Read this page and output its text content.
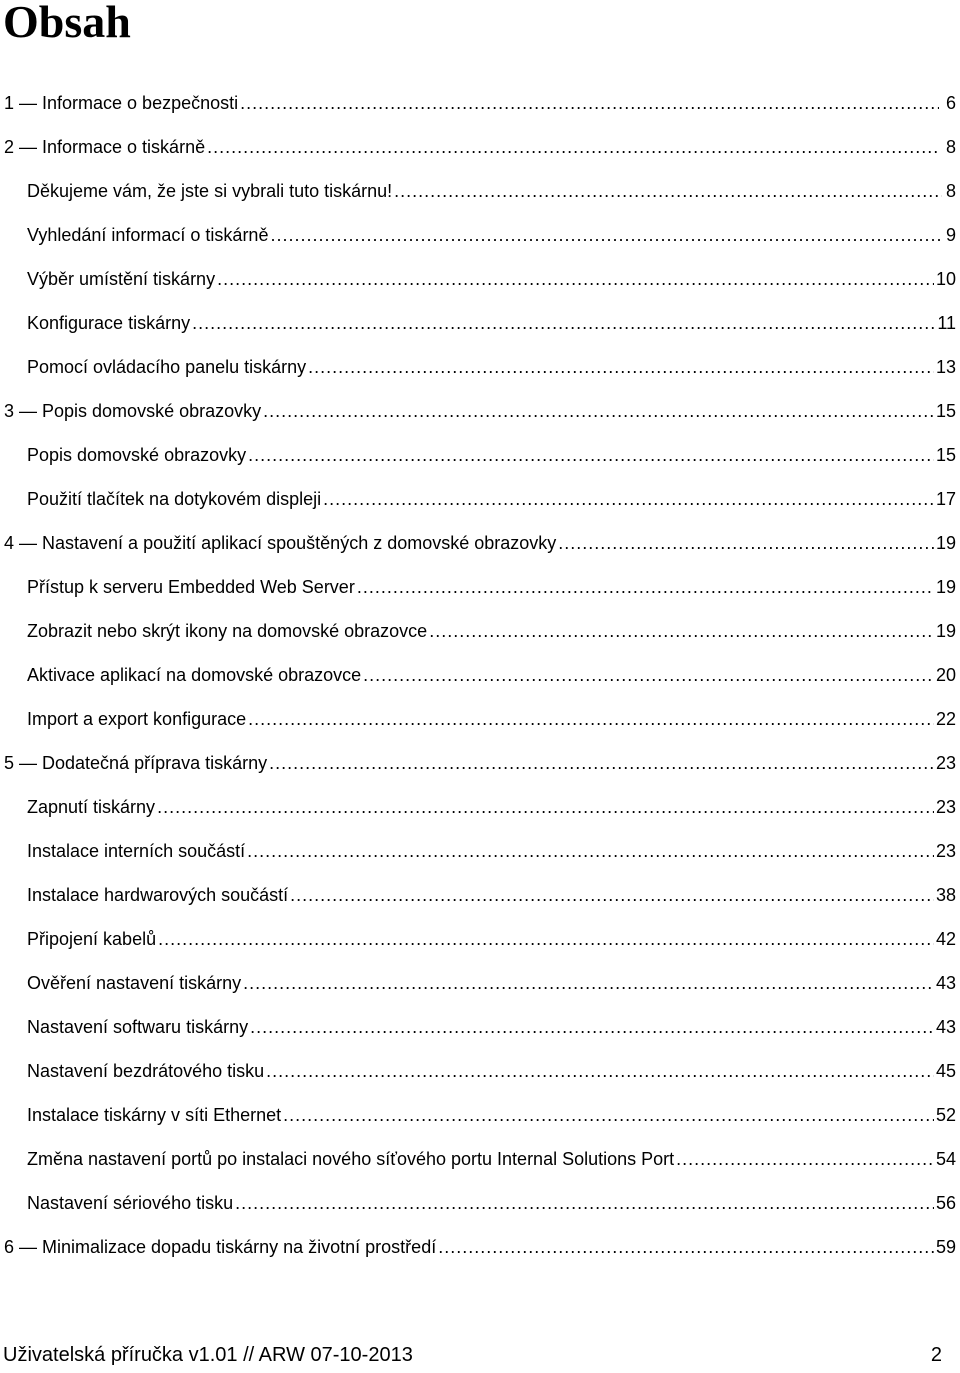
Obsah
1 — Informace o bezpečnosti .....	6
2 — Informace o tiskárně .....	8
Děkujeme vám, že jste si vybrali tuto tiskárnu! .....	8
Vyhledání informací o tiskárně .....	9
Výběr umístění tiskárny .....	10
Konfigurace tiskárny .....	11
Pomocí ovládacího panelu tiskárny .....	13
3 — Popis domovské obrazovky .....	15
Popis domovské obrazovky .....	15
Použití tlačítek na dotykovém displeji .....	17
4 — Nastavení a použití aplikací spouštěných z domovské obrazovky .....	19
Přístup k serveru Embedded Web Server .....	19
Zobrazit nebo skrýt ikony na domovské obrazovce .....	19
Aktivace aplikací na domovské obrazovce .....	20
Import a export konfigurace .....	22
5 — Dodatečná příprava tiskárny .....	23
Zapnutí tiskárny .....	23
Instalace interních součástí .....	23
Instalace hardwarových součástí .....	38
Připojení kabelů .....	42
Ověření nastavení tiskárny .....	43
Nastavení softwaru tiskárny .....	43
Nastavení bezdrátového tisku .....	45
Instalace tiskárny v síti Ethernet .....	52
Změna nastavení portů po instalaci nového síťového portu Internal Solutions Port .....	54
Nastavení sériového tisku .....	56
6 — Minimalizace dopadu tiskárny na životní prostředí .....	59
Uživatelská příručka v1.01 // ARW 07-10-2013	2
